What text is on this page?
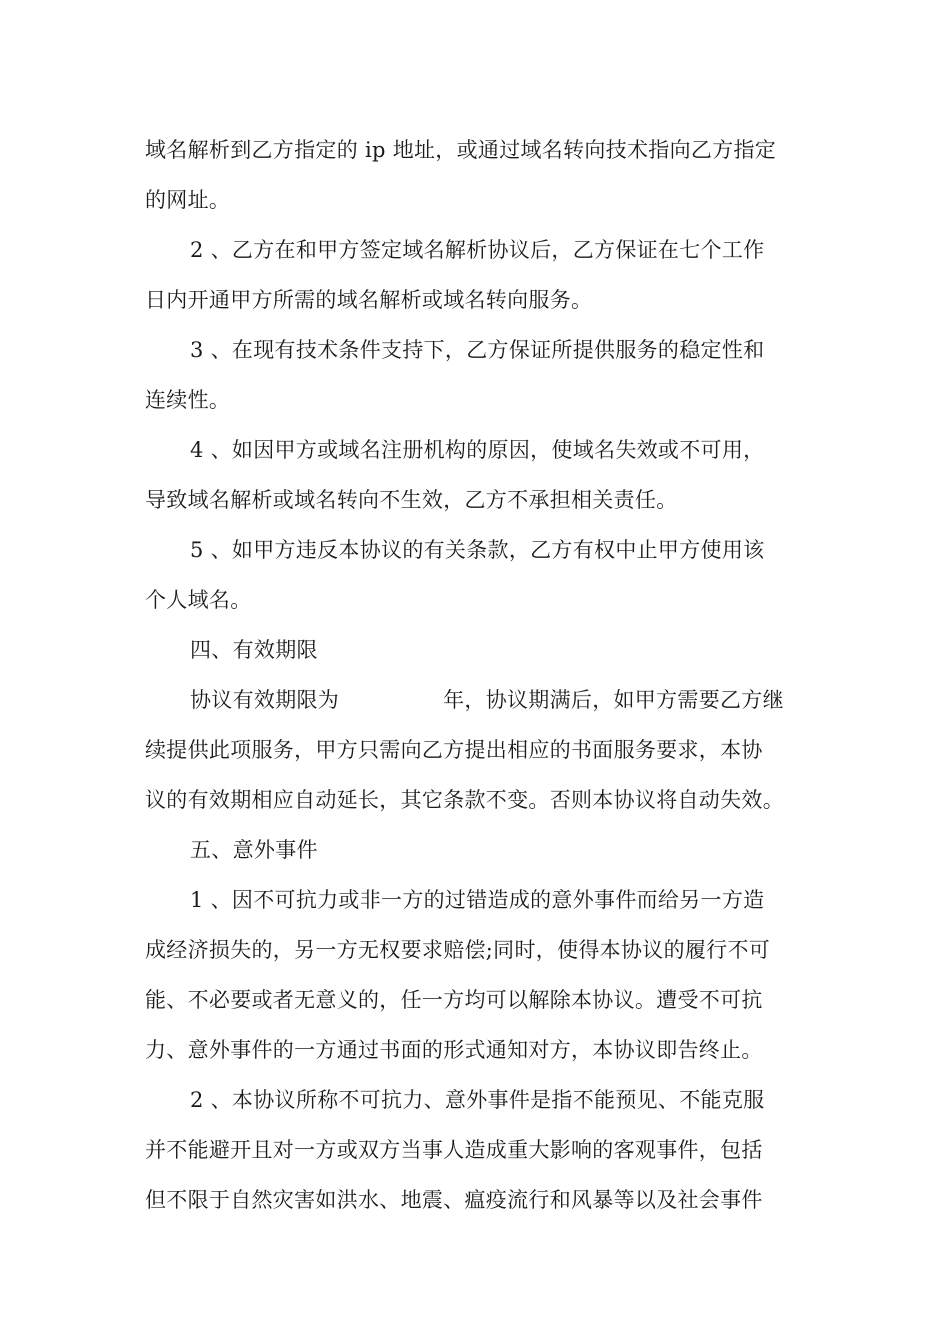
域名解析到乙方指定的 ip 地址，或通过域名转向技术指向乙方指定
的网址。
2 、乙方在和甲方签定域名解析协议后，乙方保证在七个工作
日内开通甲方所需的域名解析或域名转向服务。
3 、在现有技术条件支持下，乙方保证所提供服务的稳定性和
连续性。
4 、如因甲方或域名注册机构的原因，使域名失效或不可用，
导致域名解析或域名转向不生效，乙方不承担相关责任。
5 、如甲方违反本协议的有关条款，乙方有权中止甲方使用该
个人域名。
四、有效期限
协议有效期限为	年，协议期满后，如甲方需要乙方继
续提供此项服务，甲方只需向乙方提出相应的书面服务要求，本协
议的有效期相应自动延长，其它条款不变。否则本协议将自动失效。
五、意外事件
1 、因不可抗力或非一方的过错造成的意外事件而给另一方造
成经济损失的，另一方无权要求赔偿;同时，使得本协议的履行不可
能、不必要或者无意义的，任一方均可以解除本协议。遭受不可抗
力、意外事件的一方通过书面的形式通知对方，本协议即告终止。
2 、本协议所称不可抗力、意外事件是指不能预见、不能克服
并不能避开且对一方或双方当事人造成重大影响的客观事件，包括
但不限于自然灾害如洪水、地震、瘟疫流行和风暴等以及社会事件
